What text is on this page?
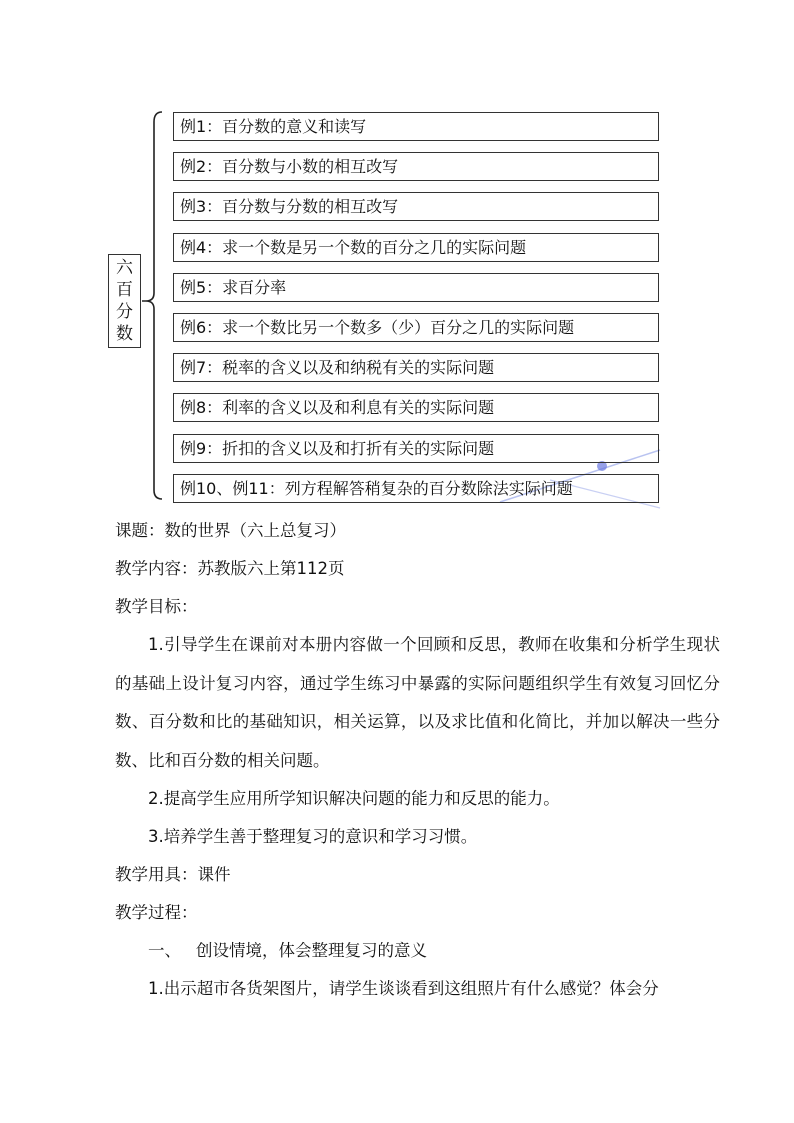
六
百
分
数
例1：百分数的意义和读写
例2：百分数与小数的相互改写
例3：百分数与分数的相互改写
例4：求一个数是另一个数的百分之几的实际问题
例5：求百分率
例6：求一个数比另一个数多（少）百分之几的实际问题
例7：税率的含义以及和纳税有关的实际问题
例8：利率的含义以及和利息有关的实际问题
例9：折扣的含义以及和打折有关的实际问题
例10、例11：列方程解答稍复杂的百分数除法实际问题
课题：数的世界（六上总复习）
教学内容：苏教版六上第112页
教学目标：
1.引导学生在课前对本册内容做一个回顾和反思，教师在收集和分析学生现状的基础上设计复习内容，通过学生练习中暴露的实际问题组织学生有效复习回忆分数、百分数和比的基础知识，相关运算，以及求比值和化简比，并加以解决一些分数、比和百分数的相关问题。
2.提高学生应用所学知识解决问题的能力和反思的能力。
3.培养学生善于整理复习的意识和学习习惯。
教学用具：课件
教学过程：
一、 创设情境，体会整理复习的意义
1.出示超市各货架图片，请学生谈谈看到这组照片有什么感觉？体会分
